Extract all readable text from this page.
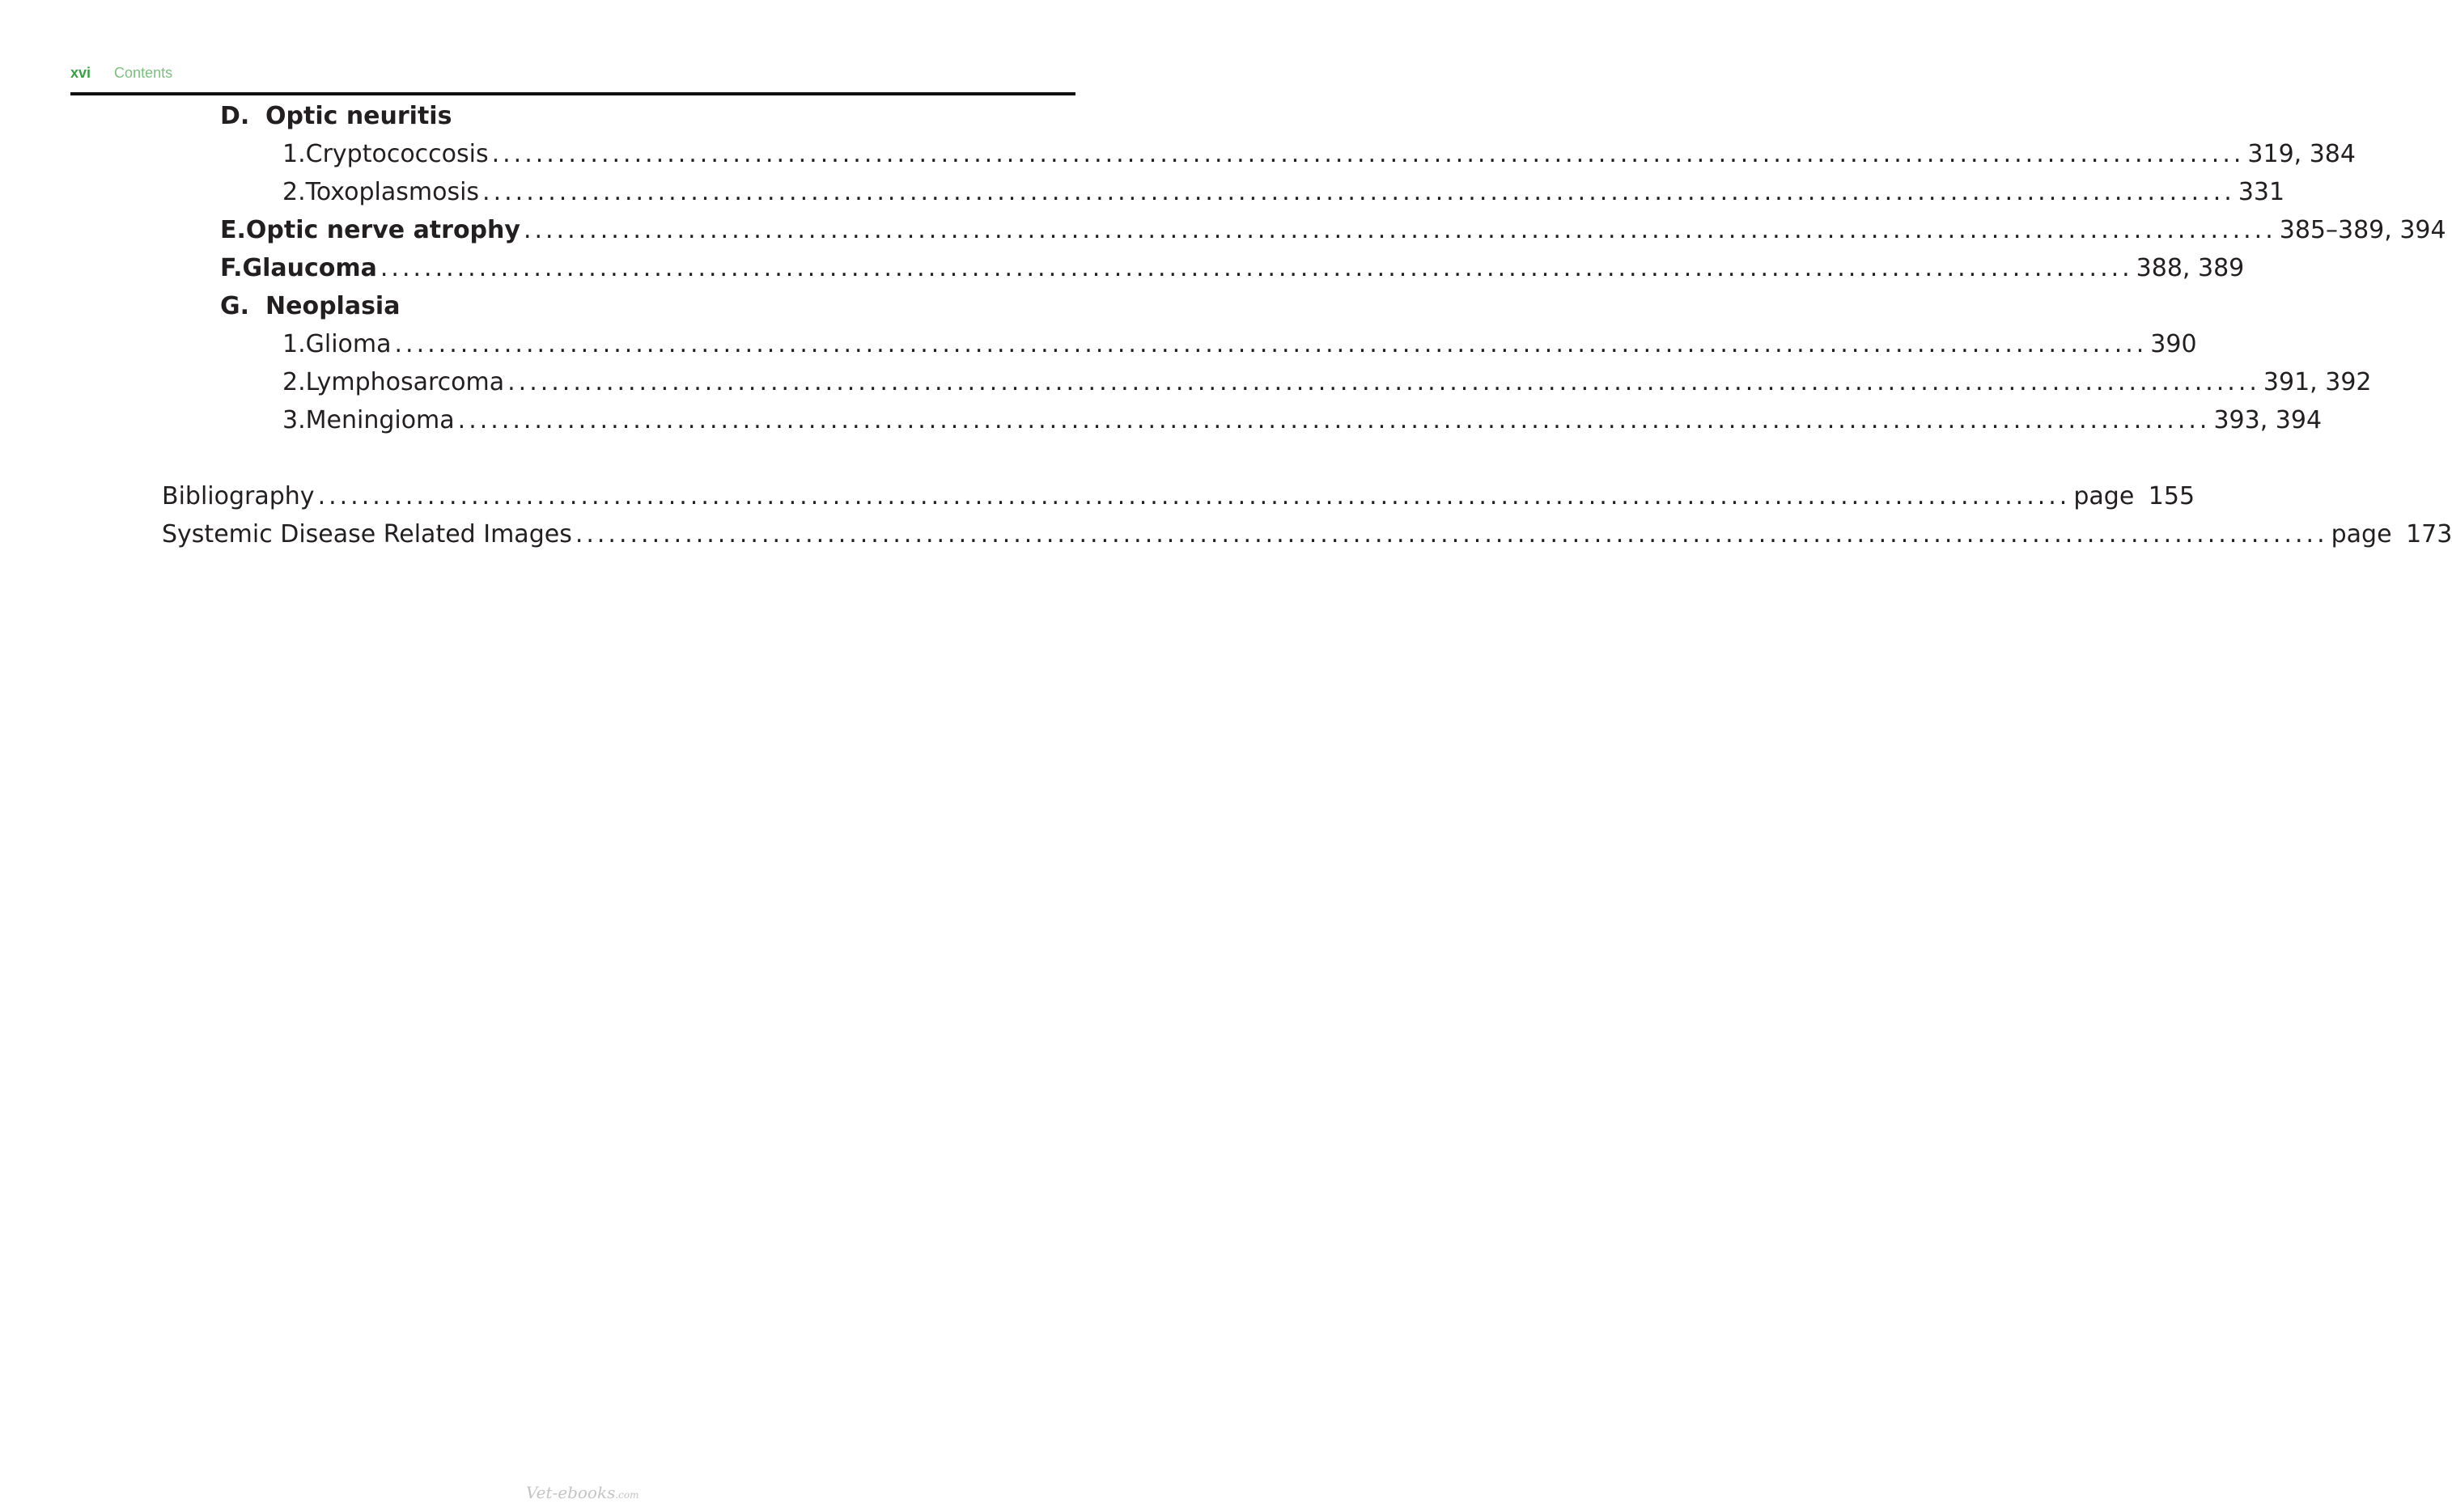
xvi Contents
D. Optic neuritis
1. Cryptococcosis ................................................................................................................................................................ 319, 384
2. Toxoplasmosis ................................................................................................................................................................ 331
E. Optic nerve atrophy ................................................................................................................................................................ 385–389, 394
F. Glaucoma ................................................................................................................................................................ 388, 389
G. Neoplasia
1. Glioma ................................................................................................................................................................ 390
2. Lymphosarcoma ................................................................................................................................................................ 391, 392
3. Meningioma ................................................................................................................................................................ 393, 394
Bibliography ................................................................................................................................................................ page 155
Systemic Disease Related Images ................................................................................................................................................................ page 173
Vet-ebooks.com
